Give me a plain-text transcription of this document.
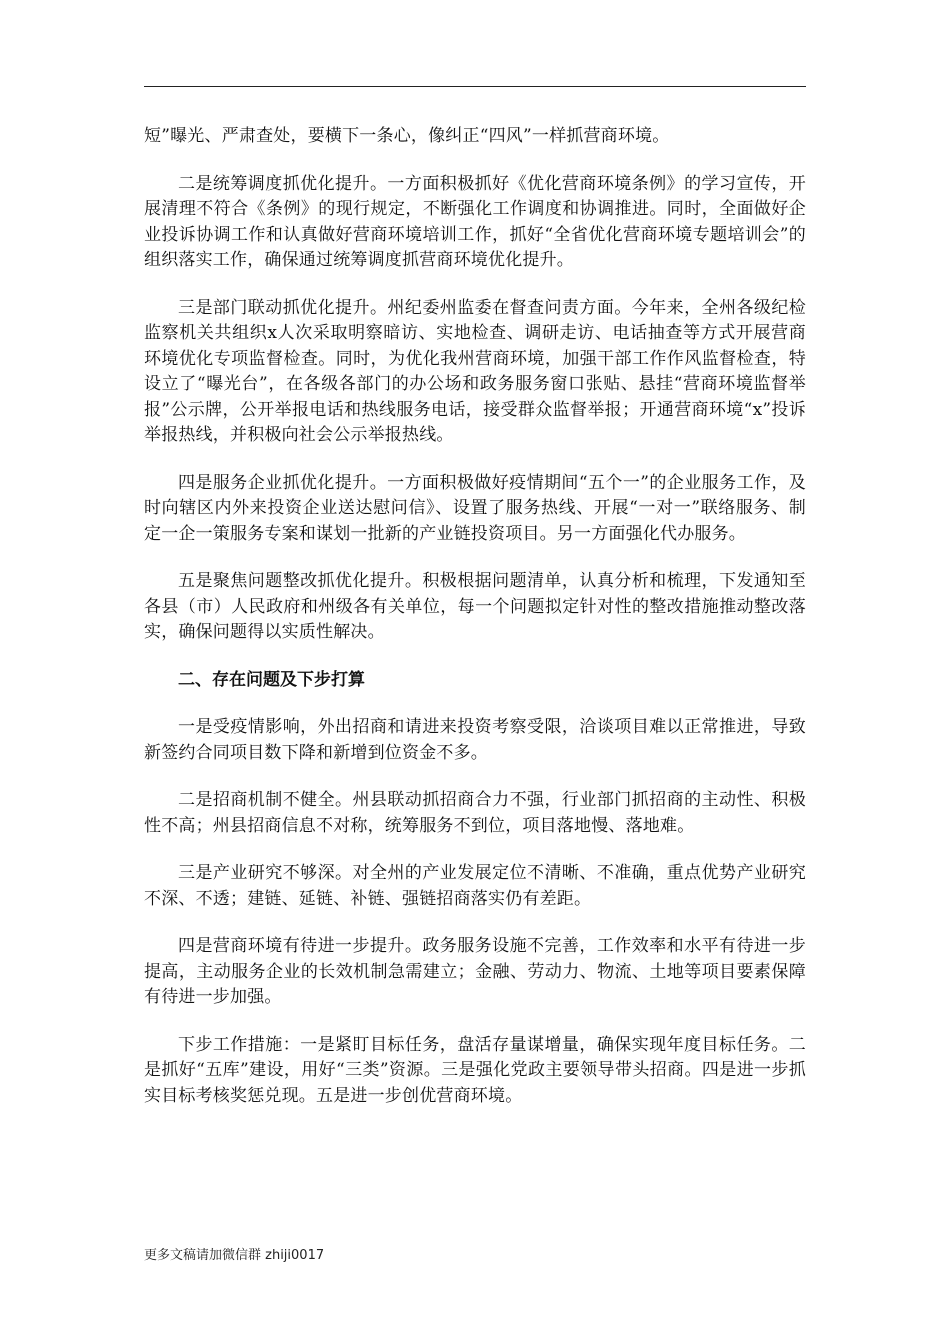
短”曝光、严肃查处，要横下一条心，像纠正“四风”一样抓营商环境。

二是统筹调度抓优化提升。一方面积极抓好《优化营商环境条例》的学习宣传，开展清理不符合《条例》的现行规定，不断强化工作调度和协调推进。同时，全面做好企业投诉协调工作和认真做好营商环境培训工作，抓好“全省优化营商环境专题培训会”的组织落实工作，确保通过统筹调度抓营商环境优化提升。

三是部门联动抓优化提升。州纪委州监委在督查问责方面。今年来，全州各级纪检监察机关共组织x人次采取明察暗访、实地检查、调研走访、电话抽查等方式开展营商环境优化专项监督检查。同时，为优化我州营商环境，加强干部工作作风监督检查，特设立了“曝光台”，在各级各部门的办公场和政务服务窗口张贴、悬挂“营商环境监督举报”公示牌，公开举报电话和热线服务电话，接受群众监督举报；开通营商环境“x”投诉举报热线，并积极向社会公示举报热线。

四是服务企业抓优化提升。一方面积极做好疫情期间“五个一”的企业服务工作，及时向辖区内外来投资企业送达慰问信》、设置了服务热线、开展“一对一”联络服务、制定一企一策服务专案和谋划一批新的产业链投资项目。另一方面强化代办服务。

五是聚焦问题整改抓优化提升。积极根据问题清单，认真分析和梳理，下发通知至各县（市）人民政府和州级各有关单位，每一个问题拟定针对性的整改措施推动整改落实，确保问题得以实质性解决。

二、存在问题及下步打算

一是受疫情影响，外出招商和请进来投资考察受限，洽谈项目难以正常推进，导致新签约合同项目数下降和新增到位资金不多。

二是招商机制不健全。州县联动抓招商合力不强，行业部门抓招商的主动性、积极性不高；州县招商信息不对称，统筹服务不到位，项目落地慢、落地难。

三是产业研究不够深。对全州的产业发展定位不清晰、不准确，重点优势产业研究不深、不透；建链、延链、补链、强链招商落实仍有差距。

四是营商环境有待进一步提升。政务服务设施不完善，工作效率和水平有待进一步提高，主动服务企业的长效机制急需建立；金融、劳动力、物流、土地等项目要素保障有待进一步加强。

下步工作措施：一是紧盯目标任务，盘活存量谋增量，确保实现年度目标任务。二是抓好“五库”建设，用好“三类”资源。三是强化党政主要领导带头招商。四是进一步抓实目标考核奖惩兑现。五是进一步创优营商环境。

更多文稿请加微信群 zhiji0017
